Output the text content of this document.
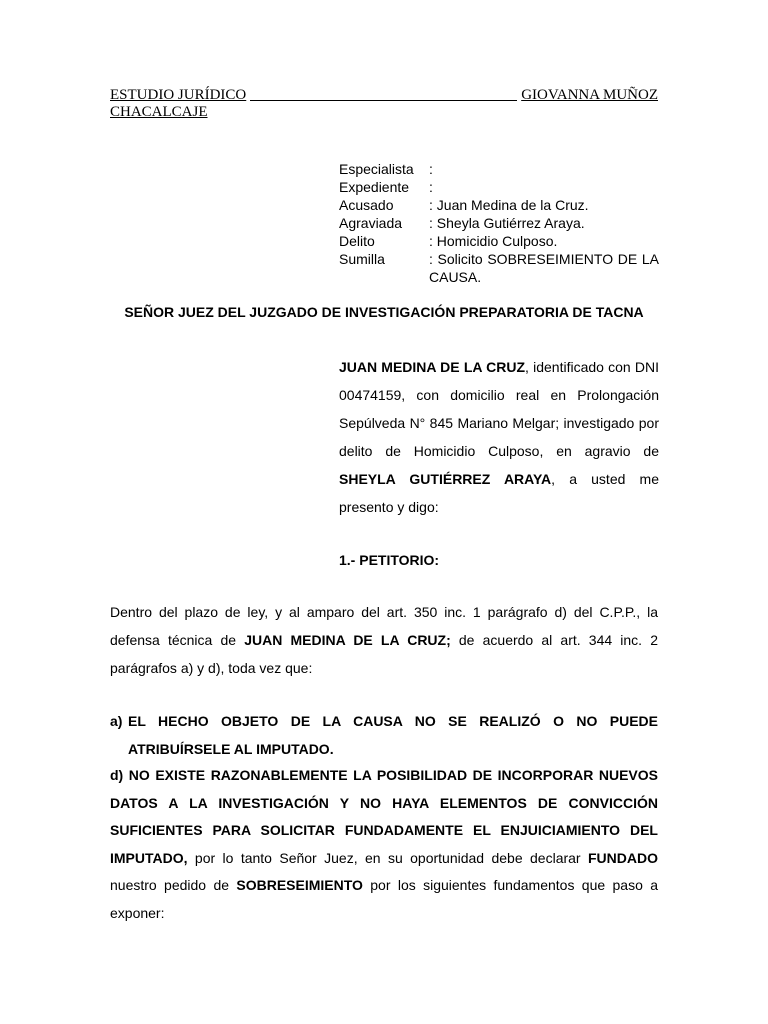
ESTUDIO JURÍDICO	GIOVANNA MUÑOZ
CHACALCAJE
Especialista	:
Expediente	:
Acusado	: Juan Medina de la Cruz.
Agraviada	: Sheyla Gutiérrez Araya.
Delito	: Homicidio Culposo.
Sumilla	: Solicito SOBRESEIMIENTO DE LA CAUSA.
SEÑOR JUEZ DEL JUZGADO DE INVESTIGACIÓN PREPARATORIA DE TACNA
JUAN MEDINA DE LA CRUZ, identificado con DNI 00474159, con domicilio real en Prolongación Sepúlveda N° 845 Mariano Melgar; investigado por delito de Homicidio Culposo, en agravio de SHEYLA GUTIÉRREZ ARAYA, a usted me presento y digo:
1.- PETITORIO:
Dentro del plazo de ley, y al amparo del art. 350 inc. 1 parágrafo d) del C.P.P., la defensa técnica de JUAN MEDINA DE LA CRUZ; de acuerdo al art. 344 inc. 2 parágrafos a) y d), toda vez que:
a) EL HECHO OBJETO DE LA CAUSA NO SE REALIZÓ O NO PUEDE ATRIBUÍRSELE AL IMPUTADO.
d) NO EXISTE RAZONABLEMENTE LA POSIBILIDAD DE INCORPORAR NUEVOS DATOS A LA INVESTIGACIÓN Y NO HAYA ELEMENTOS DE CONVICCIÓN SUFICIENTES PARA SOLICITAR FUNDADAMENTE EL ENJUICIAMIENTO DEL IMPUTADO, por lo tanto Señor Juez, en su oportunidad debe declarar FUNDADO nuestro pedido de SOBRESEIMIENTO por los siguientes fundamentos que paso a exponer:
